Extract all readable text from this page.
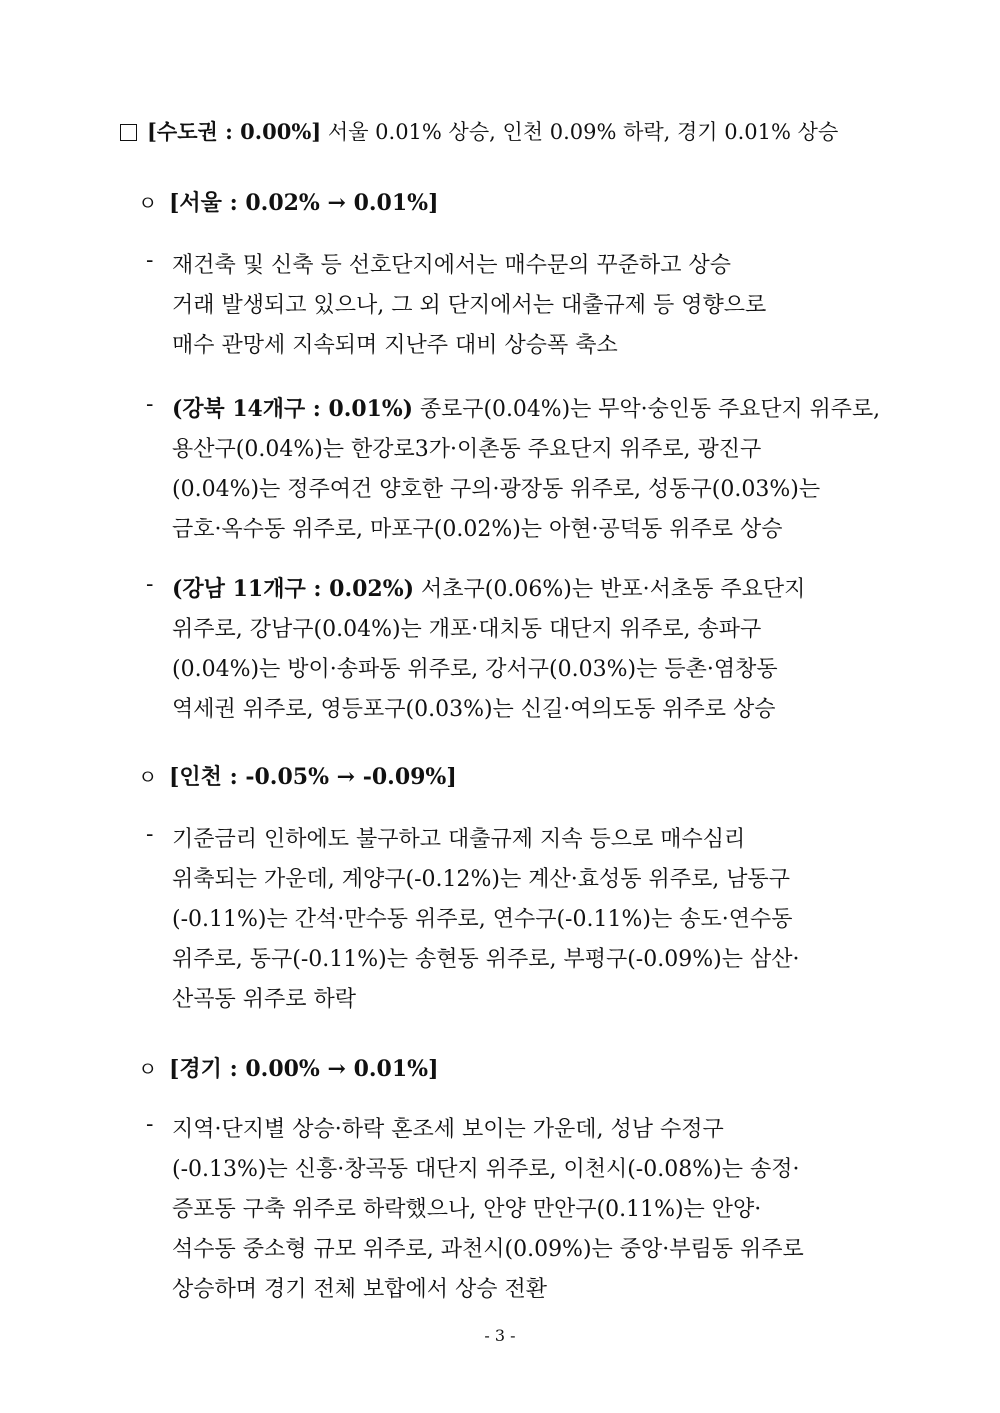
[수도권 : 0.00%] 서울 0.01% 상승, 인천 0.09% 하락, 경기 0.01% 상승
ㅇ [서울 : 0.02% → 0.01%]
- 재건축 및 신축 등 선호단지에서는 매수문의 꾸준하고 상승
거래 발생되고 있으나, 그 외 단지에서는 대출규제 등 영향으로
매수 관망세 지속되며 지난주 대비 상승폭 축소
- (강북 14개구 : 0.01%) 종로구(0.04%)는 무악·숭인동 주요단지 위주로,
용산구(0.04%)는 한강로3가·이촌동 주요단지 위주로, 광진구
(0.04%)는 정주여건 양호한 구의·광장동 위주로, 성동구(0.03%)는
금호·옥수동 위주로, 마포구(0.02%)는 아현·공덕동 위주로 상승
- (강남 11개구 : 0.02%) 서초구(0.06%)는 반포·서초동 주요단지
위주로, 강남구(0.04%)는 개포·대치동 대단지 위주로, 송파구
(0.04%)는 방이·송파동 위주로, 강서구(0.03%)는 등촌·염창동
역세권 위주로, 영등포구(0.03%)는 신길·여의도동 위주로 상승
ㅇ [인천 : -0.05% → -0.09%]
- 기준금리 인하에도 불구하고 대출규제 지속 등으로 매수심리
위축되는 가운데, 계양구(-0.12%)는 계산·효성동 위주로, 남동구
(-0.11%)는 간석·만수동 위주로, 연수구(-0.11%)는 송도·연수동
위주로, 동구(-0.11%)는 송현동 위주로, 부평구(-0.09%)는 삼산·
산곡동 위주로 하락
ㅇ [경기 : 0.00% → 0.01%]
- 지역·단지별 상승·하락 혼조세 보이는 가운데, 성남 수정구
(-0.13%)는 신흥·창곡동 대단지 위주로, 이천시(-0.08%)는 송정·
증포동 구축 위주로 하락했으나, 안양 만안구(0.11%)는 안양·
석수동 중소형 규모 위주로, 과천시(0.09%)는 중앙·부림동 위주로
상승하며 경기 전체 보합에서 상승 전환
- 3 -
